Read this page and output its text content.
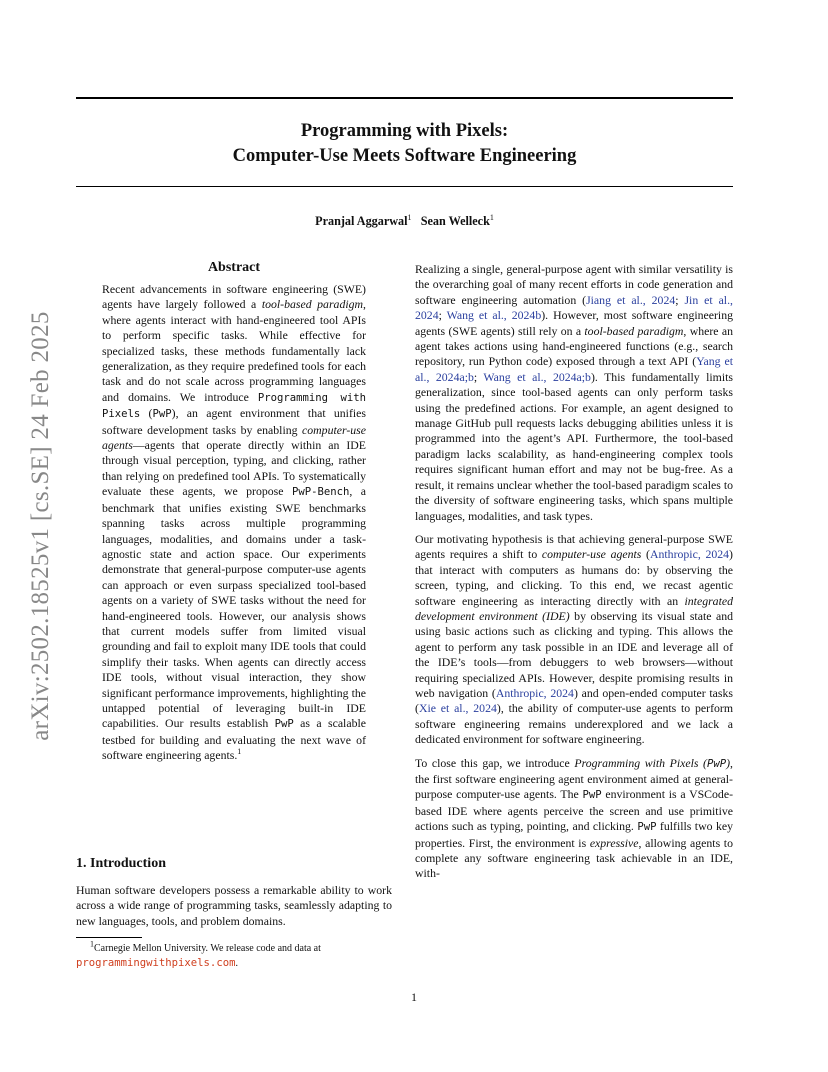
Programming with Pixels:
Computer-Use Meets Software Engineering
Pranjal Aggarwal$^1$ Sean Welleck$^1$
arXiv:2502.18525v1 [cs.SE] 24 Feb 2025
Abstract

Recent advancements in software engineering (SWE) agents have largely followed a tool-based paradigm, where agents interact with hand-engineered tool APIs to perform specific tasks. While effective for specialized tasks, these methods fundamentally lack generalization, as they require predefined tools for each task and do not scale across programming languages and domains. We introduce Programming with Pixels (PwP), an agent environment that unifies software development tasks by enabling computer-use agents—agents that operate directly within an IDE through visual perception, typing, and clicking, rather than relying on predefined tool APIs. To systematically evaluate these agents, we propose PwP-Bench, a benchmark that unifies existing SWE benchmarks spanning tasks across multiple programming languages, modalities, and domains under a task-agnostic state and action space. Our experiments demonstrate that general-purpose computer-use agents can approach or even surpass specialized tool-based agents on a variety of SWE tasks without the need for hand-engineered tools. However, our analysis shows that current models suffer from limited visual grounding and fail to exploit many IDE tools that could simplify their tasks. When agents can directly access IDE tools, without visual interaction, they show significant performance improvements, highlighting the untapped potential of leveraging built-in IDE capabilities. Our results establish PwP as a scalable testbed for building and evaluating the next wave of software engineering agents.$^1$

1. Introduction

Human software developers possess a remarkable ability to work across a wide range of programming tasks, seamlessly adapting to new languages, tools, and problem domains.

$^1$Carnegie Mellon University. We release code and data at
programmingwithpixels.com.

Realizing a single, general-purpose agent with similar versatility is the overarching goal of many recent efforts in code generation and software engineering automation (Jiang et al., 2024; Jin et al., 2024; Wang et al., 2024b). However, most software engineering agents (SWE agents) still rely on a tool-based paradigm, where an agent takes actions using hand-engineered functions (e.g., search repository, run Python code) exposed through a text API (Yang et al., 2024a;b; Wang et al., 2024a;b). This fundamentally limits generalization, since tool-based agents can only perform tasks using the predefined actions. For example, an agent designed to manage GitHub pull requests lacks debugging abilities unless it is programmed into the agent’s API. Furthermore, the tool-based paradigm lacks scalability, as hand-engineering complex tools requires significant human effort and may not be bug-free. As a result, it remains unclear whether the tool-based paradigm scales to the diversity of software engineering tasks, which spans multiple languages, modalities, and task types.

Our motivating hypothesis is that achieving general-purpose SWE agents requires a shift to computer-use agents (Anthropic, 2024) that interact with computers as humans do: by observing the screen, typing, and clicking. To this end, we recast agentic software engineering as interacting directly with an integrated development environment (IDE) by observing its visual state and using basic actions such as clicking and typing. This allows the agent to perform any task possible in an IDE and leverage all of the IDE’s tools—from debuggers to web browsers—without requiring specialized APIs. However, despite promising results in web navigation (Anthropic, 2024) and open-ended computer tasks (Xie et al., 2024), the ability of computer-use agents to perform software engineering remains underexplored and we lack a dedicated environment for software engineering.

To close this gap, we introduce Programming with Pixels (PwP), the first software engineering agent environment aimed at general-purpose computer-use agents. The PwP environment is a VSCode-based IDE where agents perceive the screen and use primitive actions such as typing, pointing, and clicking. PwP fulfills two key properties. First, the environment is expressive, allowing agents to complete any software engineering task achievable in an IDE, with-

1
